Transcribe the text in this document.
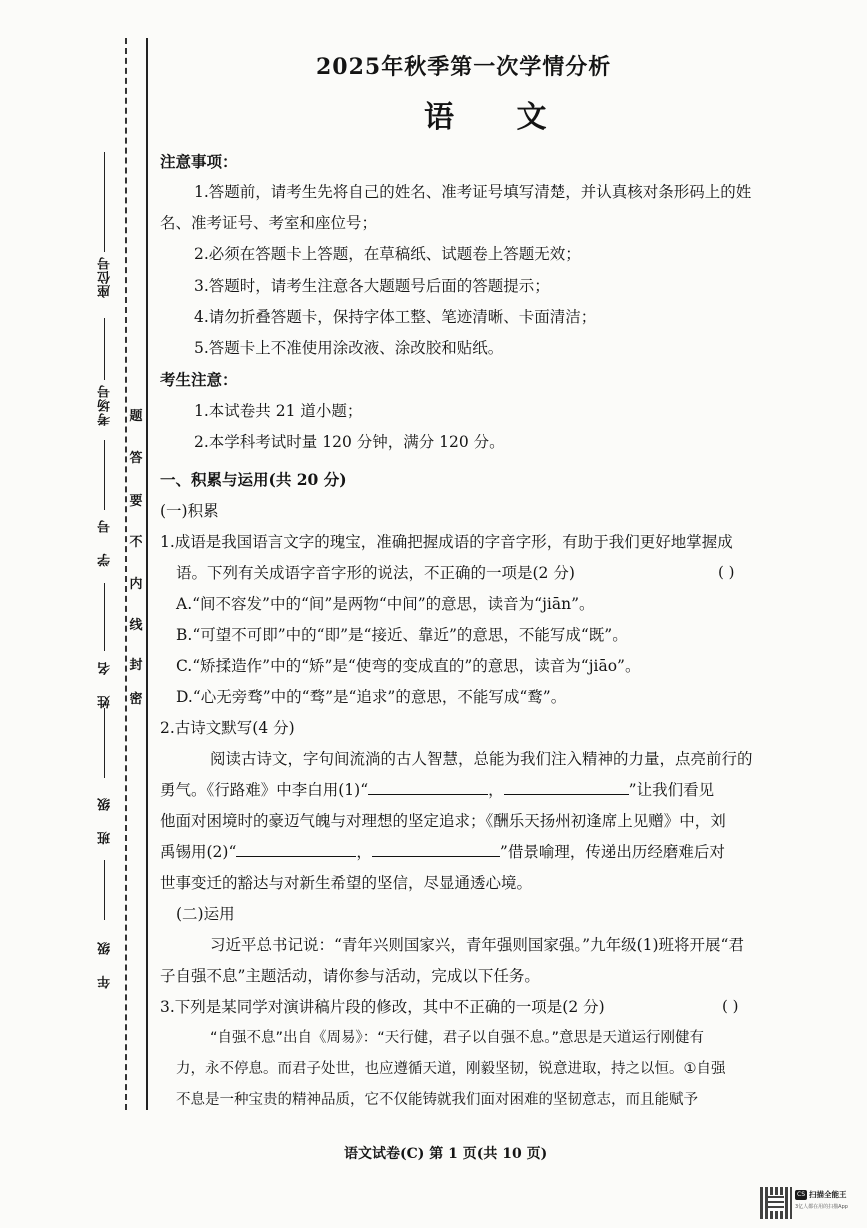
座位号
考场号
学 号
姓 名
班 级
年 级
密
封
线
内
不
要
答
题
2025年秋季第一次学情分析
语 文
注意事项：
1.答题前，请考生先将自己的姓名、准考证号填写清楚，并认真核对条形码上的姓
名、准考证号、考室和座位号；
2.必须在答题卡上答题，在草稿纸、试题卷上答题无效；
3.答题时，请考生注意各大题题号后面的答题提示；
4.请勿折叠答题卡，保持字体工整、笔迹清晰、卡面清洁；
5.答题卡上不准使用涂改液、涂改胶和贴纸。
考生注意：
1.本试卷共 21 道小题；
2.本学科考试时量 120 分钟，满分 120 分。
一、积累与运用(共 20 分)
(一)积累
1.成语是我国语言文字的瑰宝，准确把握成语的字音字形，有助于我们更好地掌握成
语。下列有关成语字音字形的说法，不正确的一项是(2 分)	( )
A.“间不容发”中的“间”是两物“中间”的意思，读音为“jiān”。
B.“可望不可即”中的“即”是“接近、靠近”的意思，不能写成“既”。
C.“矫揉造作”中的“矫”是“使弯的变成直的”的意思，读音为“jiāo”。
D.“心无旁骛”中的“骛”是“追求”的意思，不能写成“鹜”。
2.古诗文默写(4 分)
阅读古诗文，字句间流淌的古人智慧，总能为我们注入精神的力量，点亮前行的
勇气。《行路难》中李白用(1)“	，	”让我们看见
他面对困境时的豪迈气魄与对理想的坚定追求；《酬乐天扬州初逢席上见赠》中，刘
禹锡用(2)“	，	”借景喻理，传递出历经磨难后对
世事变迁的豁达与对新生希望的坚信，尽显通透心境。
(二)运用
习近平总书记说：“青年兴则国家兴，青年强则国家强。”九年级(1)班将开展“君
子自强不息”主题活动，请你参与活动，完成以下任务。
3.下列是某同学对演讲稿片段的修改，其中不正确的一项是(2 分)	( )
“自强不息”出自《周易》：“天行健，君子以自强不息。”意思是天道运行刚健有
力，永不停息。而君子处世，也应遵循天道，刚毅坚韧，锐意进取，持之以恒。①自强
不息是一种宝贵的精神品质，它不仅能铸就我们面对困难的坚韧意志，而且能赋予
语文试卷(C) 第 1 页(共 10 页)
CS 扫描全能王
3亿人都在用的扫描App
